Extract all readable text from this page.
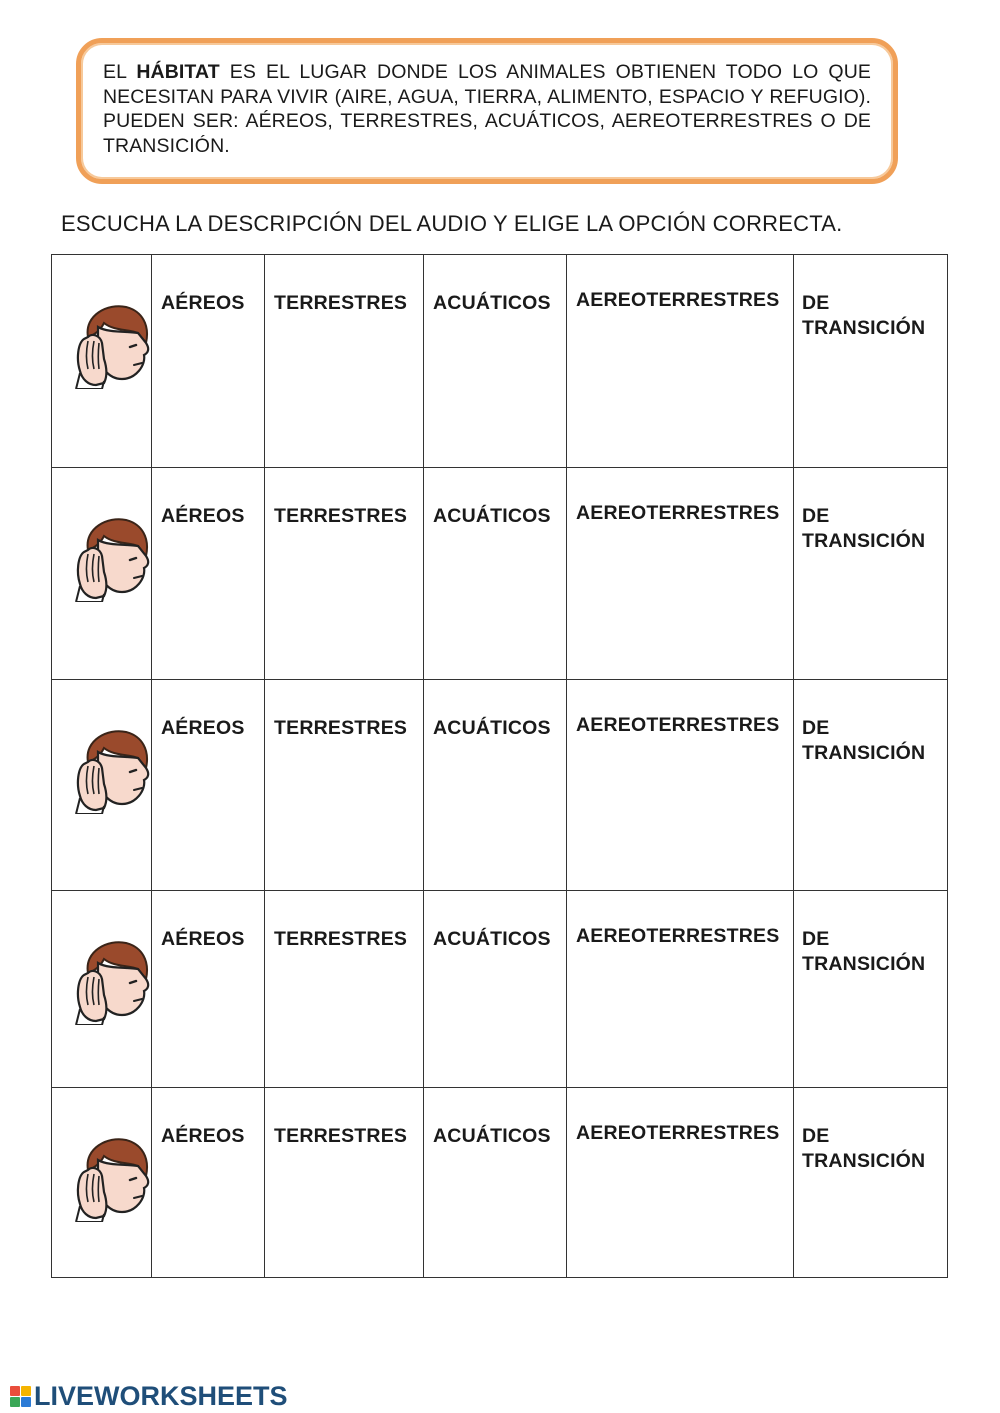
EL HÁBITAT ES EL LUGAR DONDE LOS ANIMALES OBTIENEN TODO LO QUE NECESITAN PARA VIVIR (AIRE, AGUA, TIERRA, ALIMENTO, ESPACIO Y REFUGIO). PUEDEN SER: AÉREOS, TERRESTRES, ACUÁTICOS, AEREOTERRESTRES O DE TRANSICIÓN.

ESCUCHA LA DESCRIPCIÓN DEL AUDIO Y ELIGE LA OPCIÓN CORRECTA.

AÉREOS	TERRESTRES	ACUÁTICOS	AEREOTERRESTRES	DE
TRANSICIÓN

AÉREOS	TERRESTRES	ACUÁTICOS	AEREOTERRESTRES	DE
TRANSICIÓN

AÉREOS	TERRESTRES	ACUÁTICOS	AEREOTERRESTRES	DE
TRANSICIÓN

AÉREOS	TERRESTRES	ACUÁTICOS	AEREOTERRESTRES	DE
TRANSICIÓN

AÉREOS	TERRESTRES	ACUÁTICOS	AEREOTERRESTRES	DE
TRANSICIÓN
LIVEWORKSHEETS
